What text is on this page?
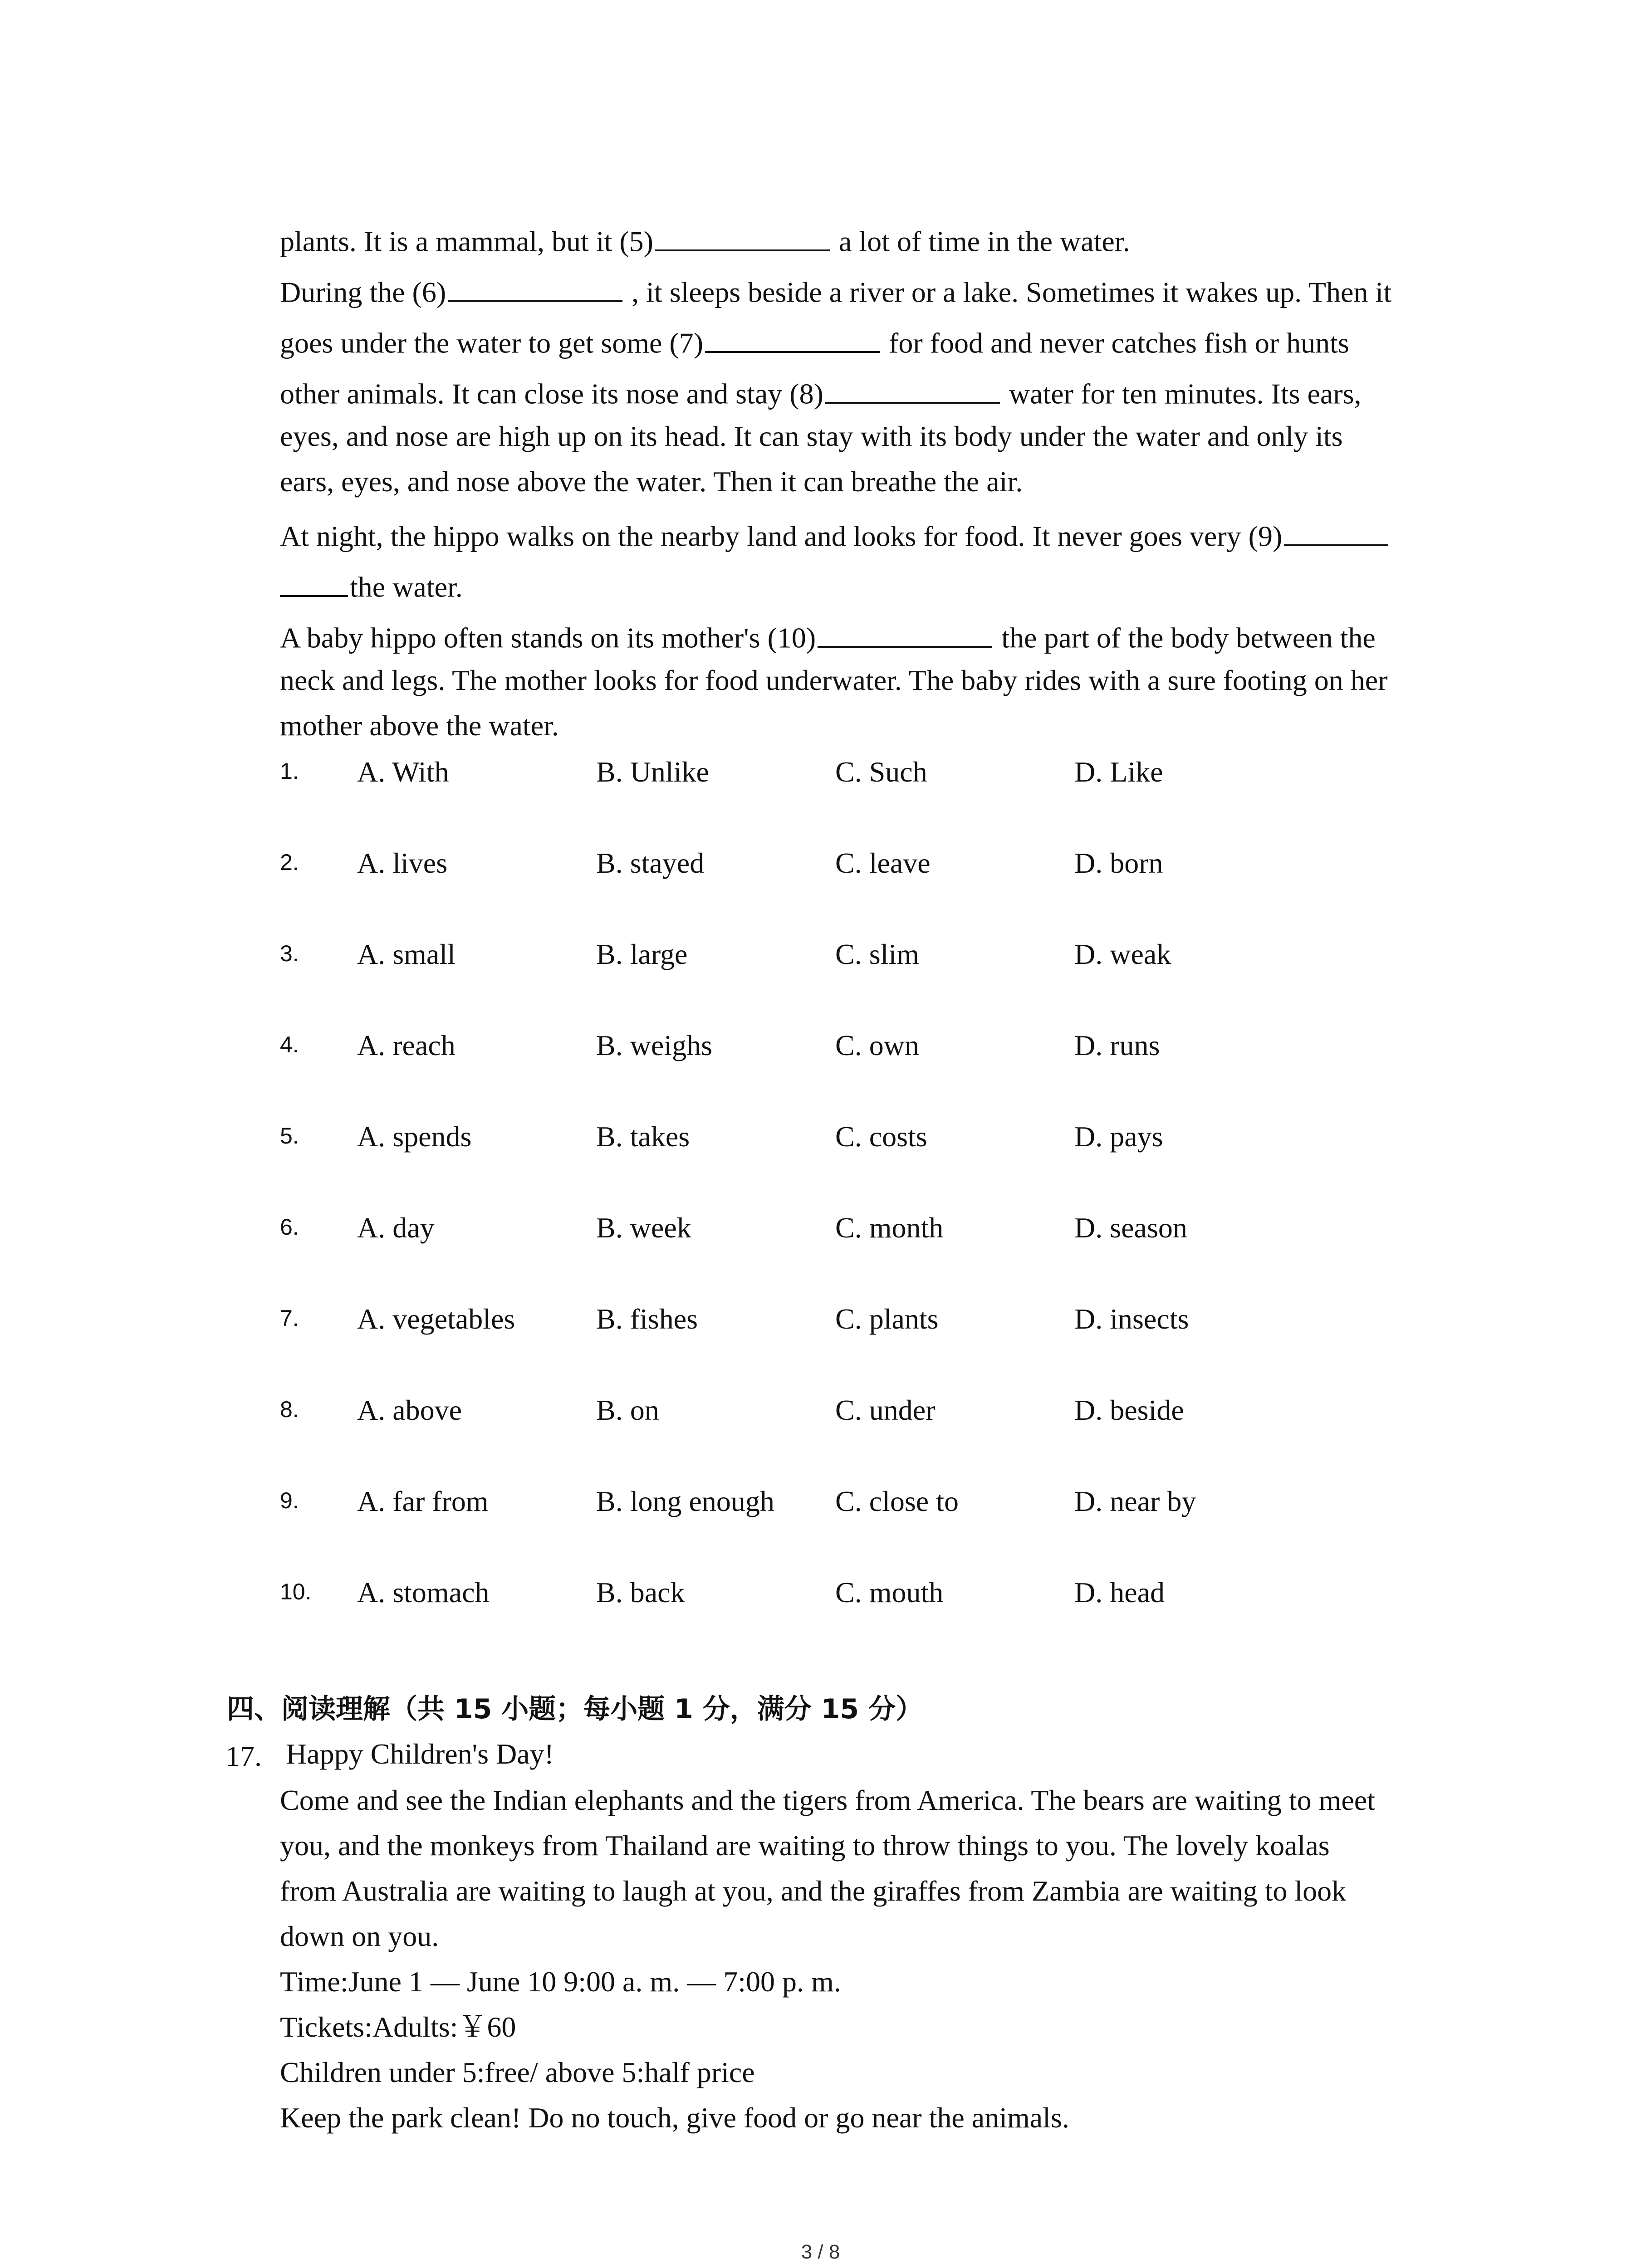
plants. It is a mammal, but it (5)	a lot of time in the water.
During the (6)	, it sleeps beside a river or a lake. Sometimes it wakes up. Then it
goes under the water to get some (7)	for food and never catches fish or hunts
other animals. It can close its nose and stay (8)	water for ten minutes. Its ears,
eyes, and nose are high up on its head. It can stay with its body under the water and only its
ears, eyes, and nose above the water. Then it can breathe the air.
At night, the hippo walks on the nearby land and looks for food. It never goes very (9)
the water.
A baby hippo often stands on its mother's (10)	the part of the body between the
neck and legs. The mother looks for food underwater. The baby rides with a sure footing on her
mother above the water.
1. A. With	B. Unlike	C. Such	D. Like
2. A. lives	B. stayed	C. leave	D. born
3. A. small	B. large	C. slim	D. weak
4. A. reach	B. weighs	C. own	D. runs
5. A. spends	B. takes	C. costs	D. pays
6. A. day	B. week	C. month	D. season
7. A. vegetables	B. fishes	C. plants	D. insects
8. A. above	B. on	C. under	D. beside
9. A. far from	B. long enough C. close to	D. near by
10. A. stomach	B. back	C. mouth	D. head
四、阅读理解（共 15 小题；每小题 1 分，满分 15 分）
17. Happy Children's Day!
Come and see the Indian elephants and the tigers from America. The bears are waiting to meet
you, and the monkeys from Thailand are waiting to throw things to you. The lovely koalas
from Australia are waiting to laugh at you, and the giraffes from Zambia are waiting to look
down on you.
Time:June 1 — June 10 9:00 a. m. — 7:00 p. m.
Tickets:Adults:￥60
Children under 5:free/ above 5:half price
Keep the park clean! Do no touch, give food or go near the animals.
3 / 8
